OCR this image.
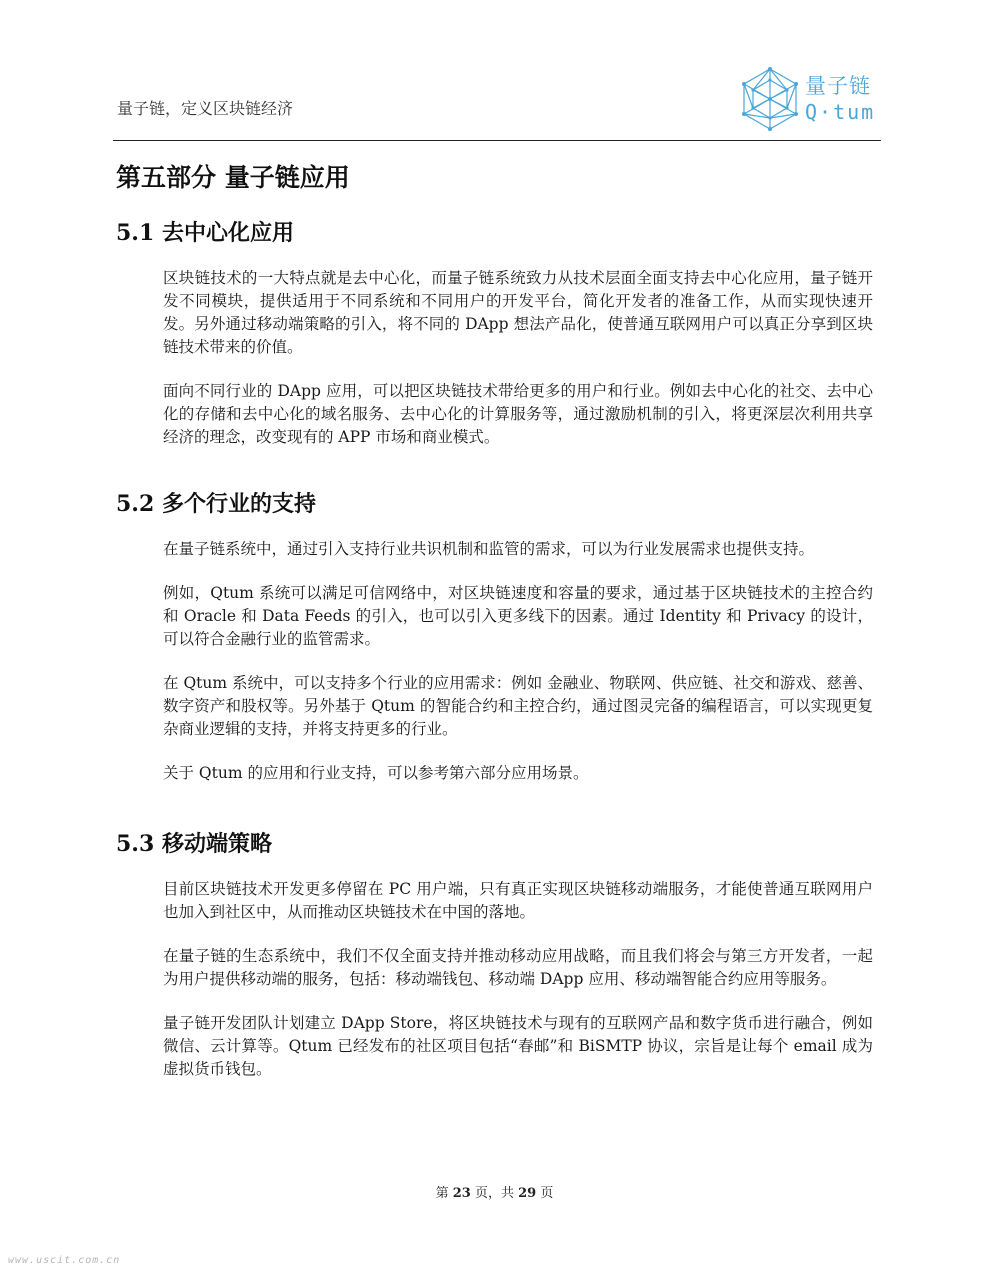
量子链，定义区块链经济
量子链
Q·tum
第五部分 量子链应用
5.1 去中心化应用

区块链技术的一大特点就是去中心化，而量子链系统致力从技术层面全面支持去中心化应用，量子链开发不同模块，提供适用于不同系统和不同用户的开发平台，简化开发者的准备工作，从而实现快速开发。另外通过移动端策略的引入，将不同的 DApp 想法产品化，使普通互联网用户可以真正分享到区块链技术带来的价值。

面向不同行业的 DApp 应用，可以把区块链技术带给更多的用户和行业。例如去中心化的社交、去中心化的存储和去中心化的域名服务、去中心化的计算服务等，通过激励机制的引入，将更深层次利用共享经济的理念，改变现有的 APP 市场和商业模式。

5.2 多个行业的支持

在量子链系统中，通过引入支持行业共识机制和监管的需求，可以为行业发展需求也提供支持。

例如，Qtum 系统可以满足可信网络中，对区块链速度和容量的要求，通过基于区块链技术的主控合约和 Oracle 和 Data Feeds 的引入，也可以引入更多线下的因素。通过 Identity 和 Privacy 的设计，可以符合金融行业的监管需求。

在 Qtum 系统中，可以支持多个行业的应用需求：例如 金融业、物联网、供应链、社交和游戏、慈善、数字资产和股权等。另外基于 Qtum 的智能合约和主控合约，通过图灵完备的编程语言，可以实现更复杂商业逻辑的支持，并将支持更多的行业。

关于 Qtum 的应用和行业支持，可以参考第六部分应用场景。

5.3 移动端策略

目前区块链技术开发更多停留在 PC 用户端，只有真正实现区块链移动端服务，才能使普通互联网用户也加入到社区中，从而推动区块链技术在中国的落地。

在量子链的生态系统中，我们不仅全面支持并推动移动应用战略，而且我们将会与第三方开发者，一起为用户提供移动端的服务，包括：移动端钱包、移动端 DApp 应用、移动端智能合约应用等服务。

量子链开发团队计划建立 DApp Store，将区块链技术与现有的互联网产品和数字货币进行融合，例如微信、云计算等。Qtum 已经发布的社区项目包括“春邮”和 BiSMTP 协议，宗旨是让每个 email 成为虚拟货币钱包。

第 23 页，共 29 页
www.uscit.com.cn
